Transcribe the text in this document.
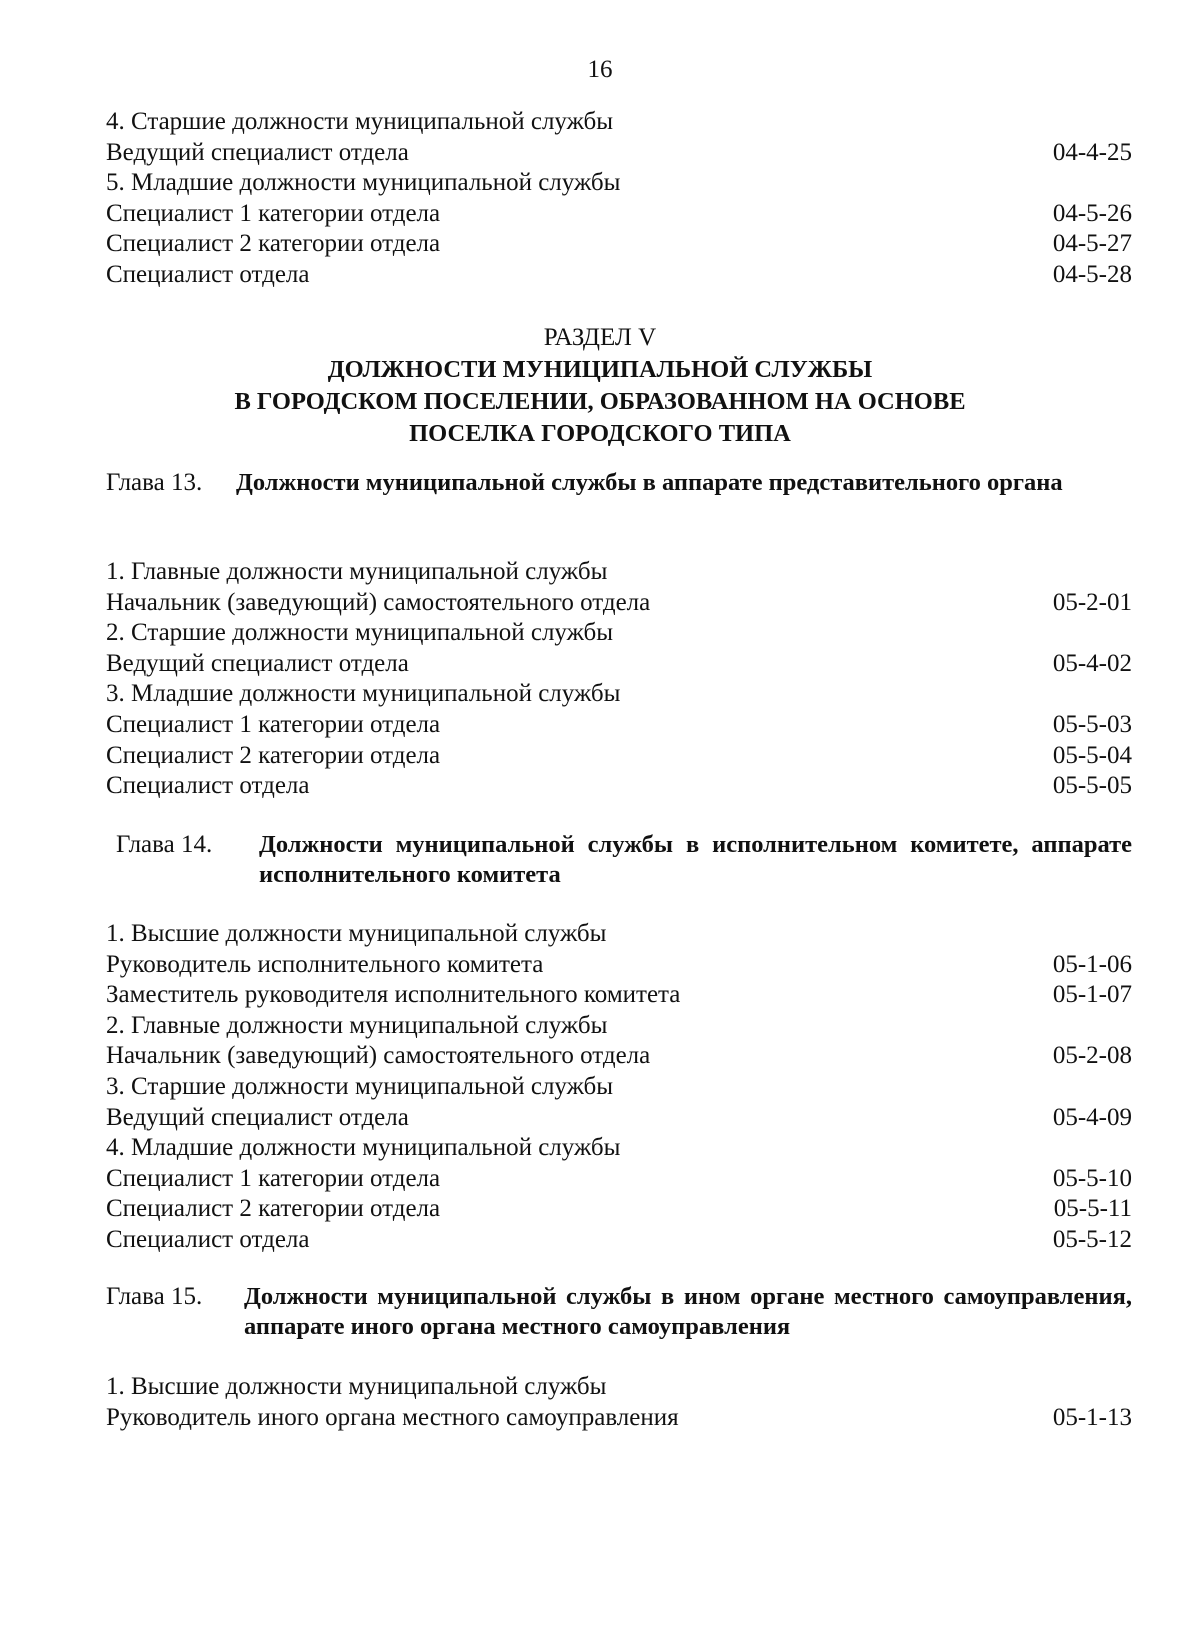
16
4. Старшие должности муниципальной службы
Ведущий специалист отдела	04-4-25
5. Младшие должности муниципальной службы
Специалист 1 категории отдела	04-5-26
Специалист 2 категории отдела	04-5-27
Специалист отдела	04-5-28
РАЗДЕЛ V
ДОЛЖНОСТИ МУНИЦИПАЛЬНОЙ СЛУЖБЫ
В ГОРОДСКОМ ПОСЕЛЕНИИ, ОБРАЗОВАННОМ НА ОСНОВЕ
ПОСЕЛКА ГОРОДСКОГО ТИПА
Глава 13.	Должности муниципальной службы в аппарате представительного органа
1. Главные должности муниципальной службы
Начальник (заведующий) самостоятельного отдела	05-2-01
2. Старшие должности муниципальной службы
Ведущий специалист отдела	05-4-02
3. Младшие должности муниципальной службы
Специалист 1 категории отдела	05-5-03
Специалист 2 категории отдела	05-5-04
Специалист отдела	05-5-05
Глава 14.	Должности муниципальной службы в исполнительном комитете, аппарате исполнительного комитета
1. Высшие должности муниципальной службы
Руководитель исполнительного комитета	05-1-06
Заместитель руководителя исполнительного комитета	05-1-07
2. Главные должности муниципальной службы
Начальник (заведующий) самостоятельного отдела	05-2-08
3. Старшие должности муниципальной службы
Ведущий специалист отдела	05-4-09
4. Младшие должности муниципальной службы
Специалист 1 категории отдела	05-5-10
Специалист 2 категории отдела	05-5-11
Специалист отдела	05-5-12
Глава 15.	Должности муниципальной службы в ином органе местного самоуправления, аппарате иного органа местного самоуправления
1. Высшие должности муниципальной службы
Руководитель иного органа местного самоуправления	05-1-13
